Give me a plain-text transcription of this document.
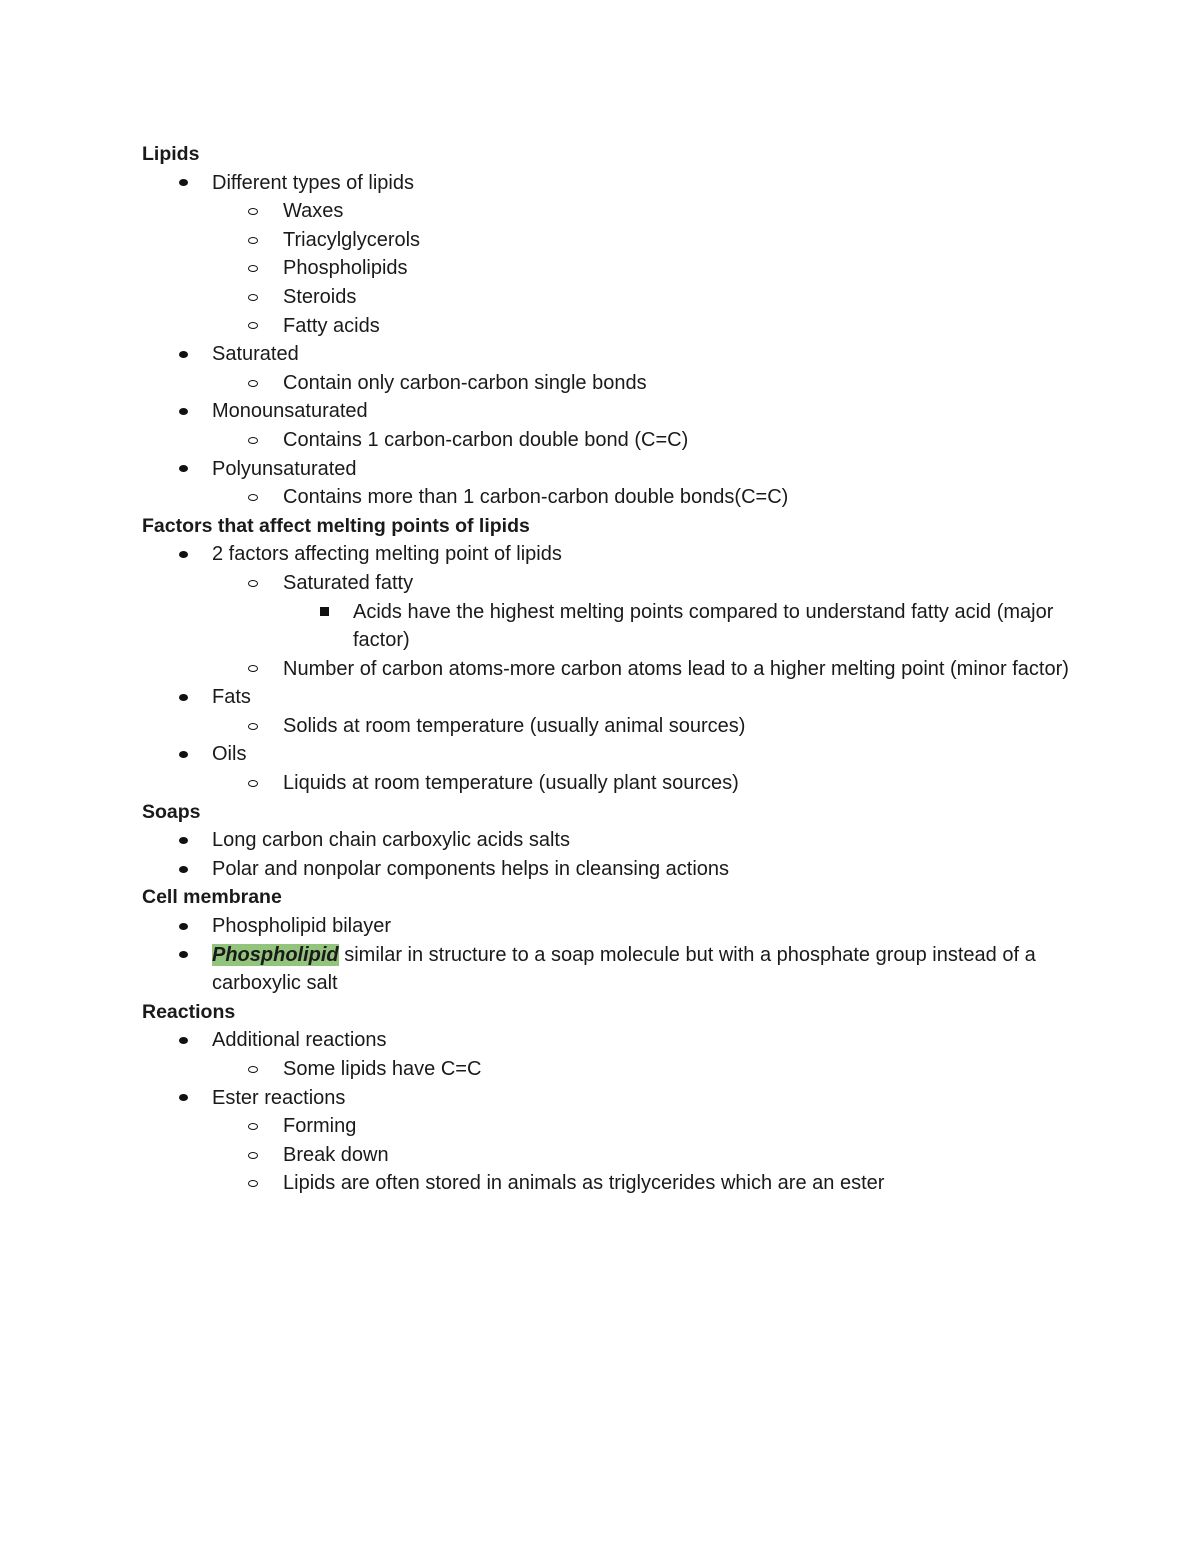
Lipids
Different types of lipids
Waxes
Triacylglycerols
Phospholipids
Steroids
Fatty acids
Saturated
Contain only carbon-carbon single bonds
Monounsaturated
Contains 1 carbon-carbon double bond (C=C)
Polyunsaturated
Contains more than 1 carbon-carbon double bonds(C=C)
Factors that affect melting points of lipids
2 factors affecting melting point of lipids
Saturated fatty
Acids have the highest melting points compared to understand fatty acid (major factor)
Number of carbon atoms-more carbon atoms lead to a higher melting point (minor factor)
Fats
Solids at room temperature (usually animal sources)
Oils
Liquids at room temperature (usually plant sources)
Soaps
Long carbon chain carboxylic acids salts
Polar and nonpolar components helps in cleansing actions
Cell membrane
Phospholipid bilayer
Phospholipid similar in structure to a soap molecule but with a phosphate group instead of a carboxylic salt
Reactions
Additional reactions
Some lipids have C=C
Ester reactions
Forming
Break down
Lipids are often stored in animals as triglycerides which are an ester
